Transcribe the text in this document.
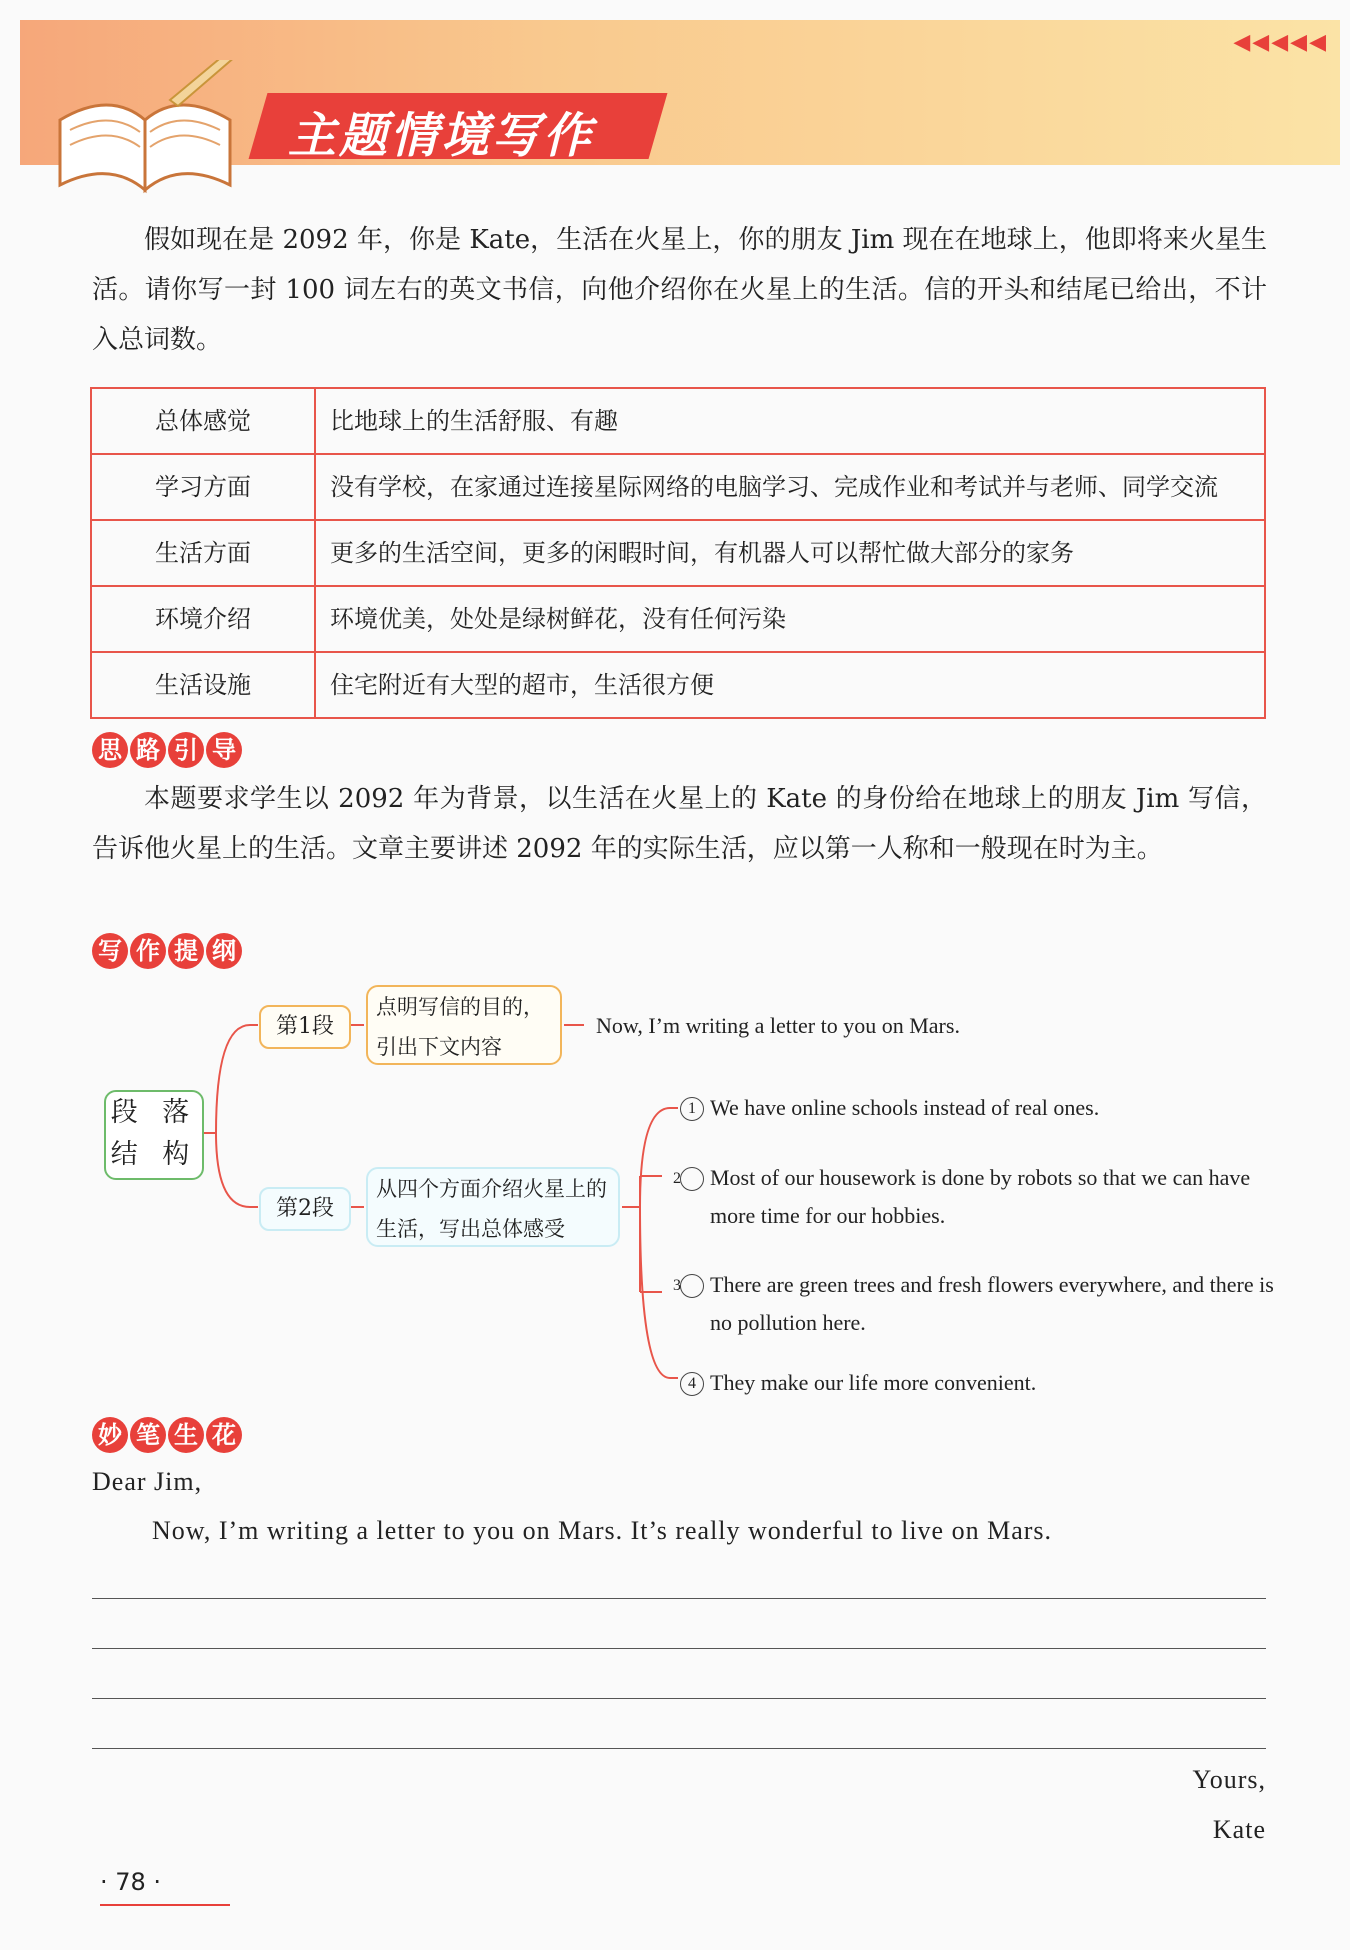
主题情境写作
◀◀◀◀◀
假如现在是 2092 年，你是 Kate，生活在火星上，你的朋友 Jim 现在在地球上，他即将来火星生活。请你写一封 100 词左右的英文书信，向他介绍你在火星上的生活。信的开头和结尾已给出，不计入总词数。
总体感觉	比地球上的生活舒服、有趣
学习方面	没有学校，在家通过连接星际网络的电脑学习、完成作业和考试并与老师、同学交流
生活方面	更多的生活空间，更多的闲暇时间，有机器人可以帮忙做大部分的家务
环境介绍	环境优美，处处是绿树鲜花，没有任何污染
生活设施	住宅附近有大型的超市，生活很方便
思 路 引 导
本题要求学生以 2092 年为背景，以生活在火星上的 Kate 的身份给在地球上的朋友 Jim 写信，告诉他火星上的生活。文章主要讲述 2092 年的实际生活，应以第一人称和一般现在时为主。
写 作 提 纲
段 落 结 构
第1段
点明写信的目的，引出下文内容
Now, I’m writing a letter to you on Mars.
第2段
从四个方面介绍火星上的生活，写出总体感受
1 We have online schools instead of real ones.
2 Most of our housework is done by robots so that we can have more time for our hobbies.
3 There are green trees and fresh flowers everywhere, and there is no pollution here.
4 They make our life more convenient.
妙 笔 生 花
Dear Jim,
Now, I’m writing a letter to you on Mars. It’s really wonderful to live on Mars.
Yours,
Kate
· 78 ·
